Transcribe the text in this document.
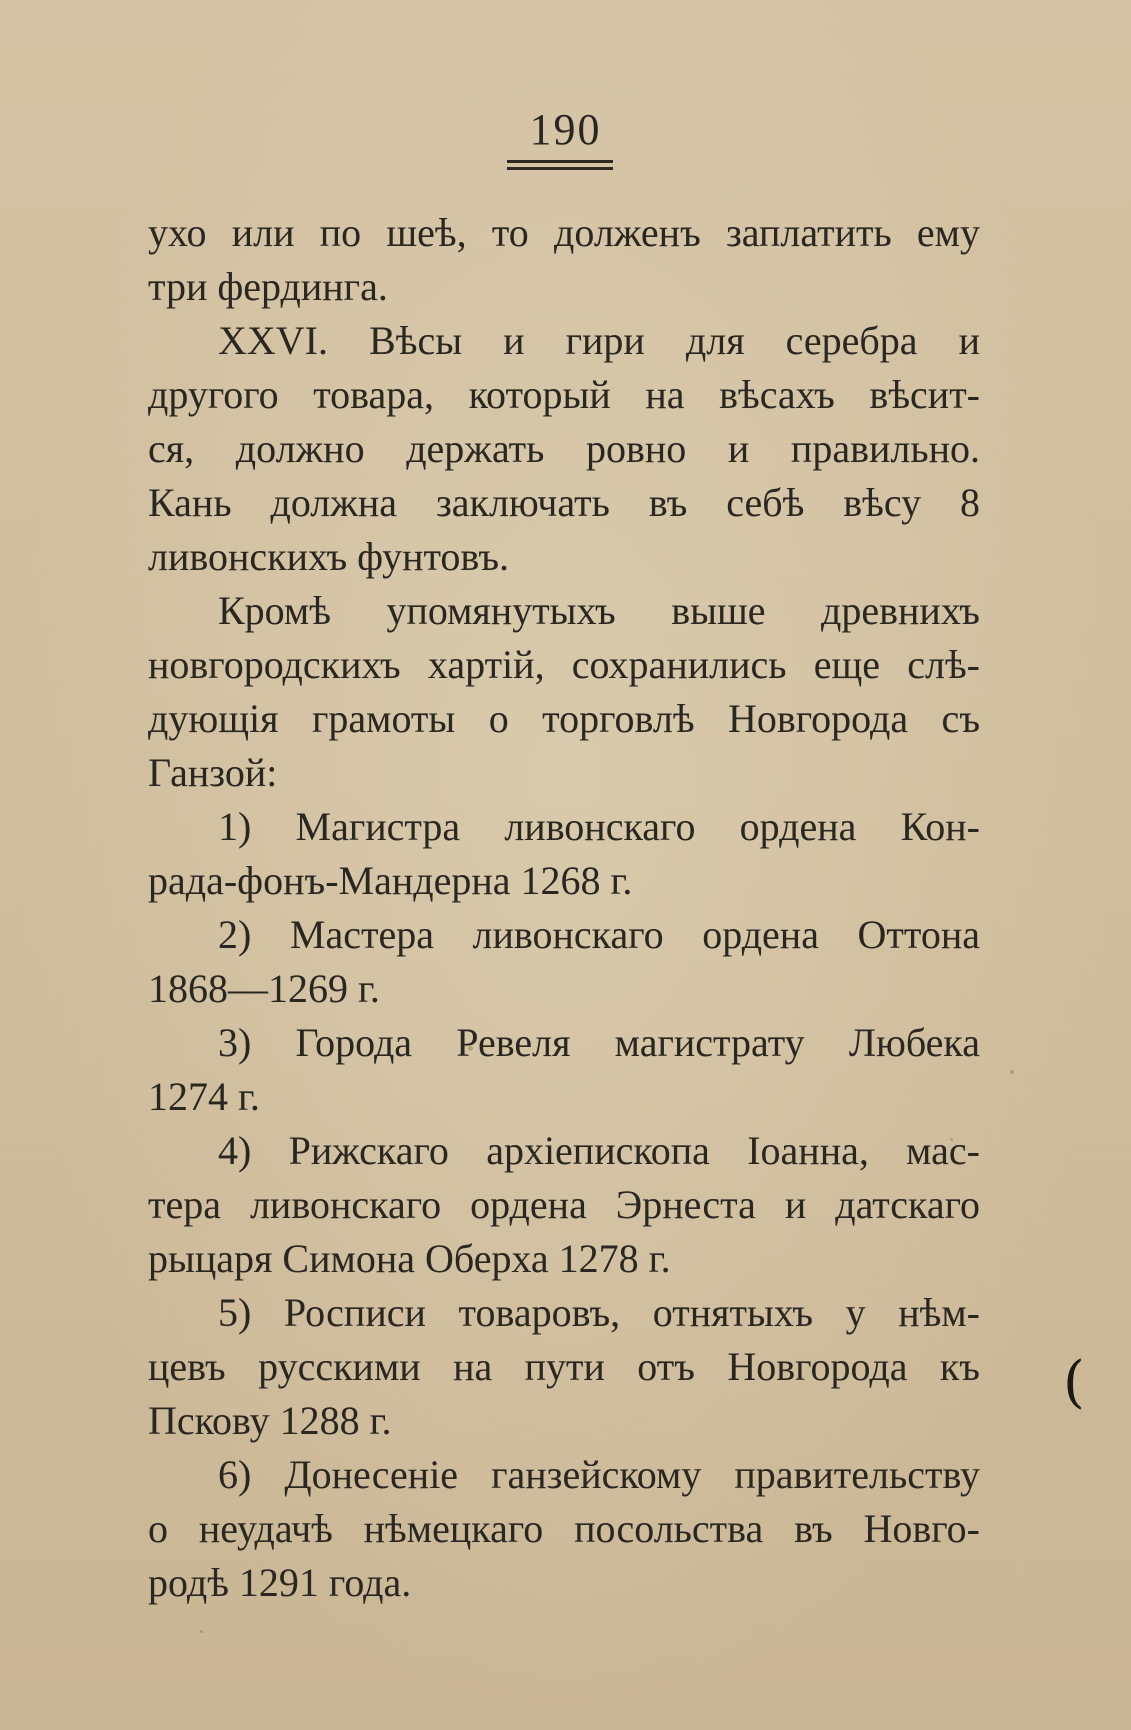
190
ухо или по шеѣ, то долженъ заплатить ему
три фердинга.
XXVI. Вѣсы и гири для серебра и
другого товара, который на вѣсахъ вѣсит-
ся, должно держать ровно и правильно.
Кань должна заключать въ себѣ вѣсу 8
ливонскихъ фунтовъ.
Кромѣ упомянутыхъ выше древнихъ
новгородскихъ хартій, сохранились еще слѣ-
дующія грамоты о торговлѣ Новгорода съ
Ганзой:
1) Магистра ливонскаго ордена Кон-
рада-фонъ-Мандерна 1268 г.
2) Мастера ливонскаго ордена Оттона
1868—1269 г.
3) Города Ревеля магистрату Любека
1274 г.
4) Рижскаго архіепископа Іоанна, мас-
тера ливонскаго ордена Эрнеста и датскаго
рыцаря Симона Оберха 1278 г.
5) Росписи товаровъ, отнятыхъ у нѣм-
цевъ русскими на пути отъ Новгорода къ
Пскову 1288 г.
6) Донесеніе ганзейскому правительству
о неудачѣ нѣмецкаго посольства въ Новго-
родѣ 1291 года.
(
